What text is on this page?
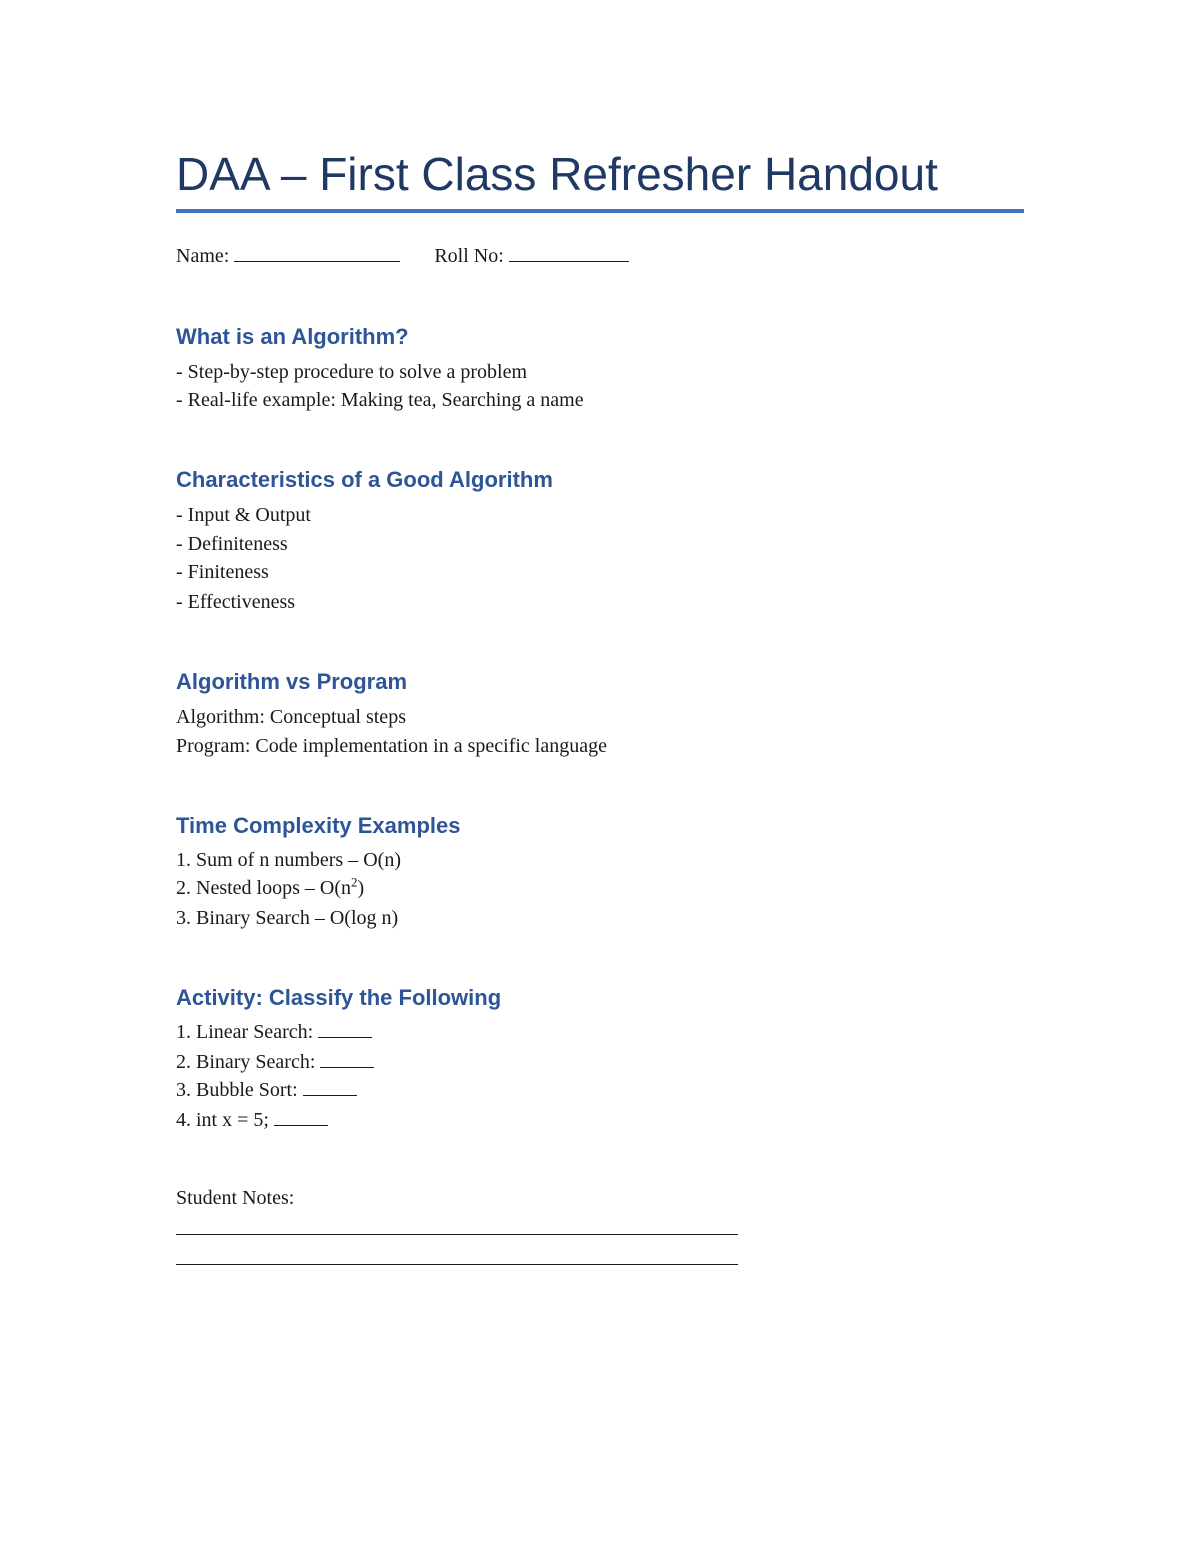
DAA – First Class Refresher Handout
Name:	Roll No:
What is an Algorithm?
- Step-by-step procedure to solve a problem
- Real-life example: Making tea, Searching a name
Characteristics of a Good Algorithm
- Input & Output
- Definiteness
- Finiteness
- Effectiveness
Algorithm vs Program
Algorithm: Conceptual steps
Program: Code implementation in a specific language
Time Complexity Examples
1. Sum of n numbers – O(n)
2. Nested loops – $O(n^2)$
3. Binary Search – O(log n)
Activity: Classify the Following
1. Linear Search:
2. Binary Search:
3. Bubble Sort:
4. int x = 5;
Student Notes:
